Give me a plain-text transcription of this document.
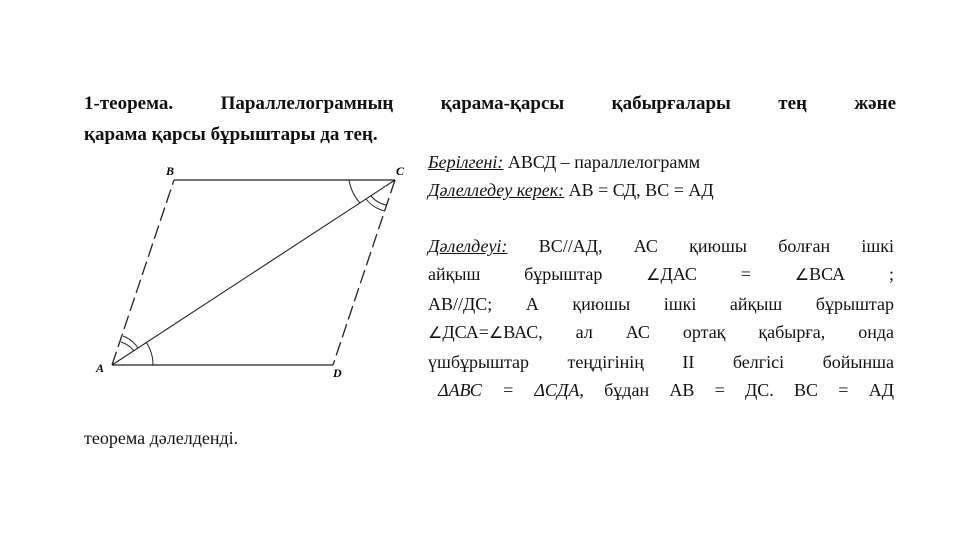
1-теорема. Параллелограмның қарама-қарсы қабырғалары тең және
қарама қарсы бұрыштары да тең.
B	C
A	D
Берілгені: АВСД – параллелограмм
Дәлелледеу керек: АВ = СД, ВС = АД
Дәлелдеуі: ВС//АД, АС қиюшы болған ішкі
айқыш бұрыштар	∠ДАС =	∠ВСА ;
АВ//ДС; А қиюшы ішкі айқыш бұрыштар
∠ДСА=∠ВАС, ал АС ортақ қабырға, онда
үшбұрыштар теңдігінің ІІ белгісі бойынша
ΔАВС = ΔСДА, бұдан АВ = ДС. ВС = АД
теорема дәлелденді.
